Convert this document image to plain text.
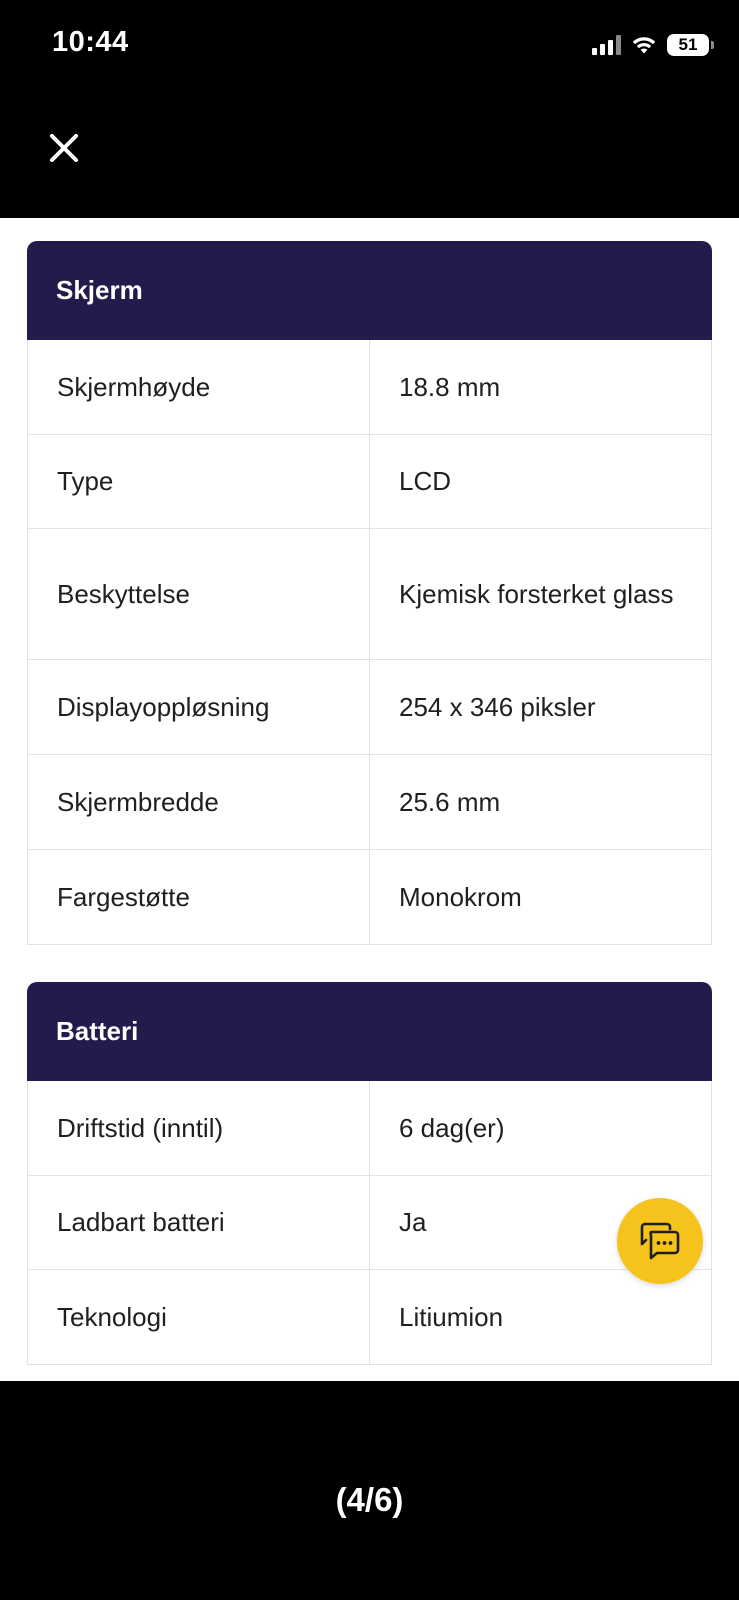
10:44	51
Skjerm
Skjermhøyde	18.8 mm
Type	LCD
Beskyttelse	Kjemisk forsterket glass
Displayoppløsning	254 x 346 piksler
Skjermbredde	25.6 mm
Fargestøtte	Monokrom
Batteri
Driftstid (inntil)	6 dag(er)
Ladbart batteri	Ja
Teknologi	Litiumion
(4/6)
